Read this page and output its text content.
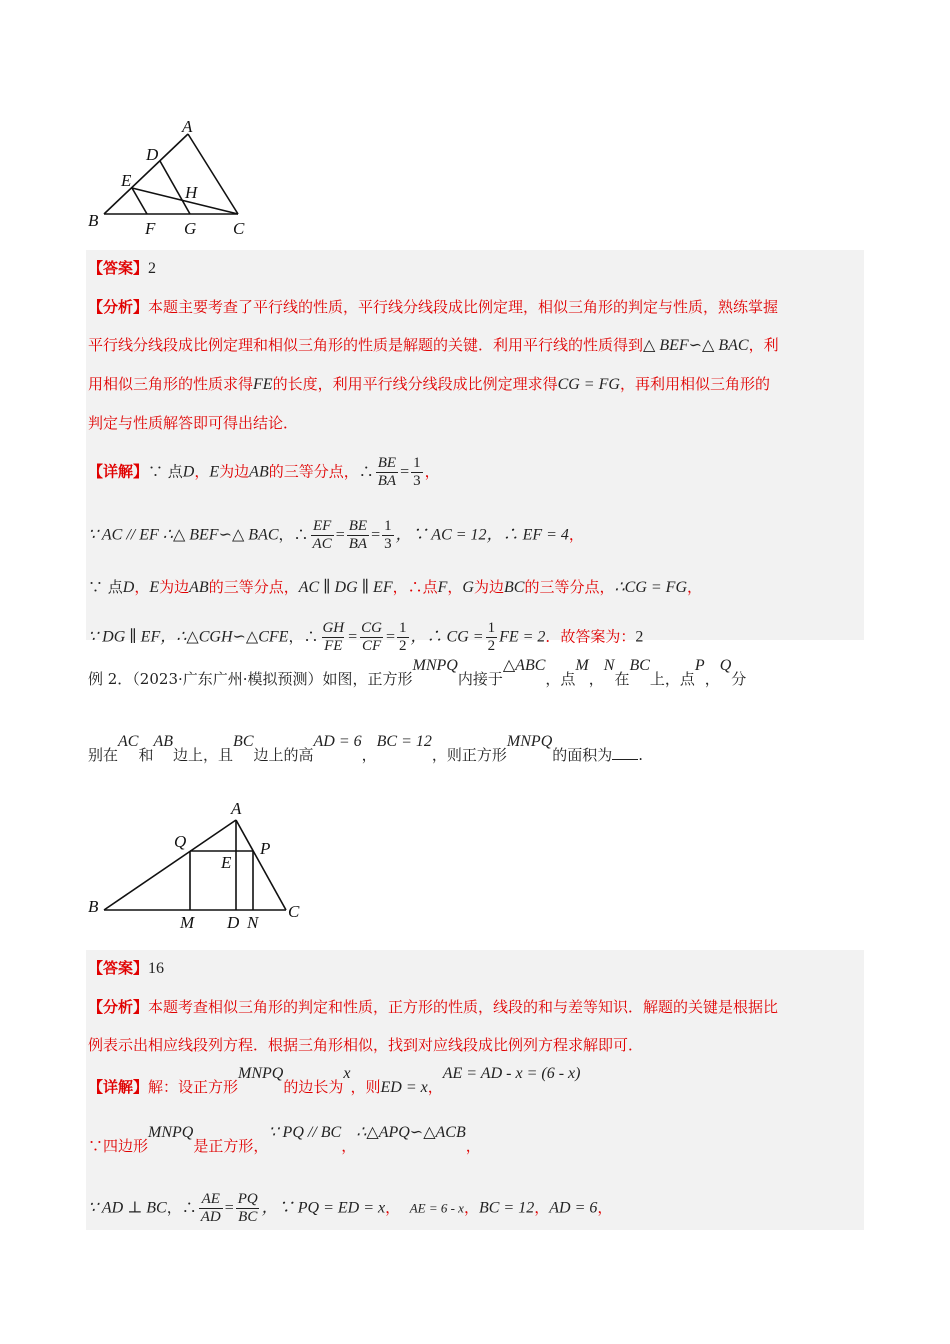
A
D
E
H
B	F G C

【答案】2

【分析】本题主要考查了平行线的性质，平行线分线段成比例定理，相似三角形的判定与性质，熟练掌握

平行线分线段成比例定理和相似三角形的性质是解题的关键．利用平行线的性质得到△ BEF∽△ BAC，利

用相似三角形的性质求得FE的长度，利用平行线分线段成比例定理求得CG = FG，再利用相似三角形的

判定与性质解答即可得出结论．

【详解】∵ 点D，E为边AB的三等分点，∴ $\frac{BE}{BA} = \frac{1}{3}$ ，

∵ AC // EF ∴△ BEF∽△ BAC，∴ $\frac{EF}{AC} = \frac{BE}{BA} = \frac{1}{3}$ ，∵ AC = 12，∴ EF = 4，

∵ 点D，E为边AB的三等分点，AC ∥ DG ∥ EF，∴点F，G为边BC的三等分点，∴CG = FG，

∵ DG ∥ EF，∴△CGH∽△CFE，∴ $\frac{GH}{FE} = \frac{CG}{CF} = \frac{1}{2}$ ，∴ CG = $\frac{1}{2}$ FE = 2．故答案为：2

例 2．（2023·广东广州·模拟预测）如图，正方形MNPQ内接于△ABC，点M，N在BC上，点P，Q分
别在AC和AB边上，且BC边上的高AD = 6，BC = 12，则正方形MNPQ的面积为 .
A
Q	P
E
B
M D N
C

【答案】16

【分析】本题考查相似三角形的判定和性质，正方形的性质，线段的和与差等知识．解题的关键是根据比

例表示出相应线段列方程．根据三角形相似，找到对应线段成比例列方程求解即可．

【详解】解：设正方形MNPQ的边长为x，则ED = x，AE = AD - x = (6 - x)

∵四边形MNPQ是正方形，∵ PQ // BC，∴△APQ∽△ACB，

∵ AD ⊥ BC，∴ $\frac{AE}{AD} = \frac{PQ}{BC}$ ，∵ PQ = ED = x， AE = 6 - x，BC = 12，AD = 6，
